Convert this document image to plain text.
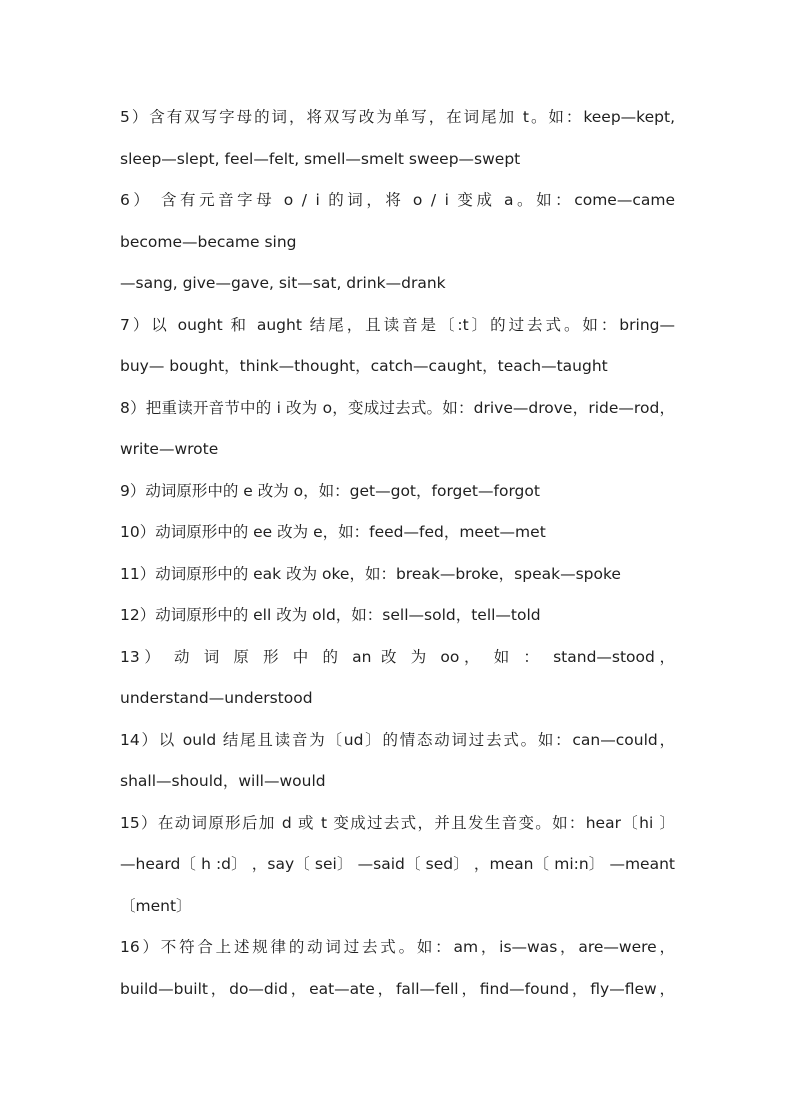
5）含有双写字母的词，将双写改为单写，在词尾加 t。如：keep—kept,
sleep—slept, feel—felt, smell—smelt sweep—swept
6） 含有元音字母 o / i 的词，将 o / i 变成 a。如：come—came
become—became sing
—sang, give—gave, sit—sat, drink—drank
7）以 ought 和 aught 结尾，且读音是〔:t〕的过去式。如：bring—
buy— bought，think—thought，catch—caught，teach—taught
8）把重读开音节中的 i 改为 o，变成过去式。如：drive—drove，ride—rod，
write—wrote
9）动词原形中的 e 改为 o，如：get—got，forget—forgot
10）动词原形中的 ee 改为 e，如：feed—fed，meet—met
11）动词原形中的 eak 改为 oke，如：break—broke，speak—spoke
12）动词原形中的 ell 改为 old，如：sell—sold，tell—told
13） 动 词 原 形 中 的 an 改 为 oo， 如 ： stand—stood，
understand—understood
14）以 ould 结尾且读音为〔ud〕的情态动词过去式。如：can—could，
shall—should，will—would
15）在动词原形后加 d 或 t 变成过去式，并且发生音变。如：hear〔hi 〕
—heard〔 h :d〕 ，say〔 sei〕 —said〔 sed〕 ，mean〔 mi:n〕 —meant
〔ment〕
16）不符合上述规律的动词过去式。如：am，is—was，are—were，
build—built，do—did，eat—ate，fall—fell，find—found，fly—flew，
